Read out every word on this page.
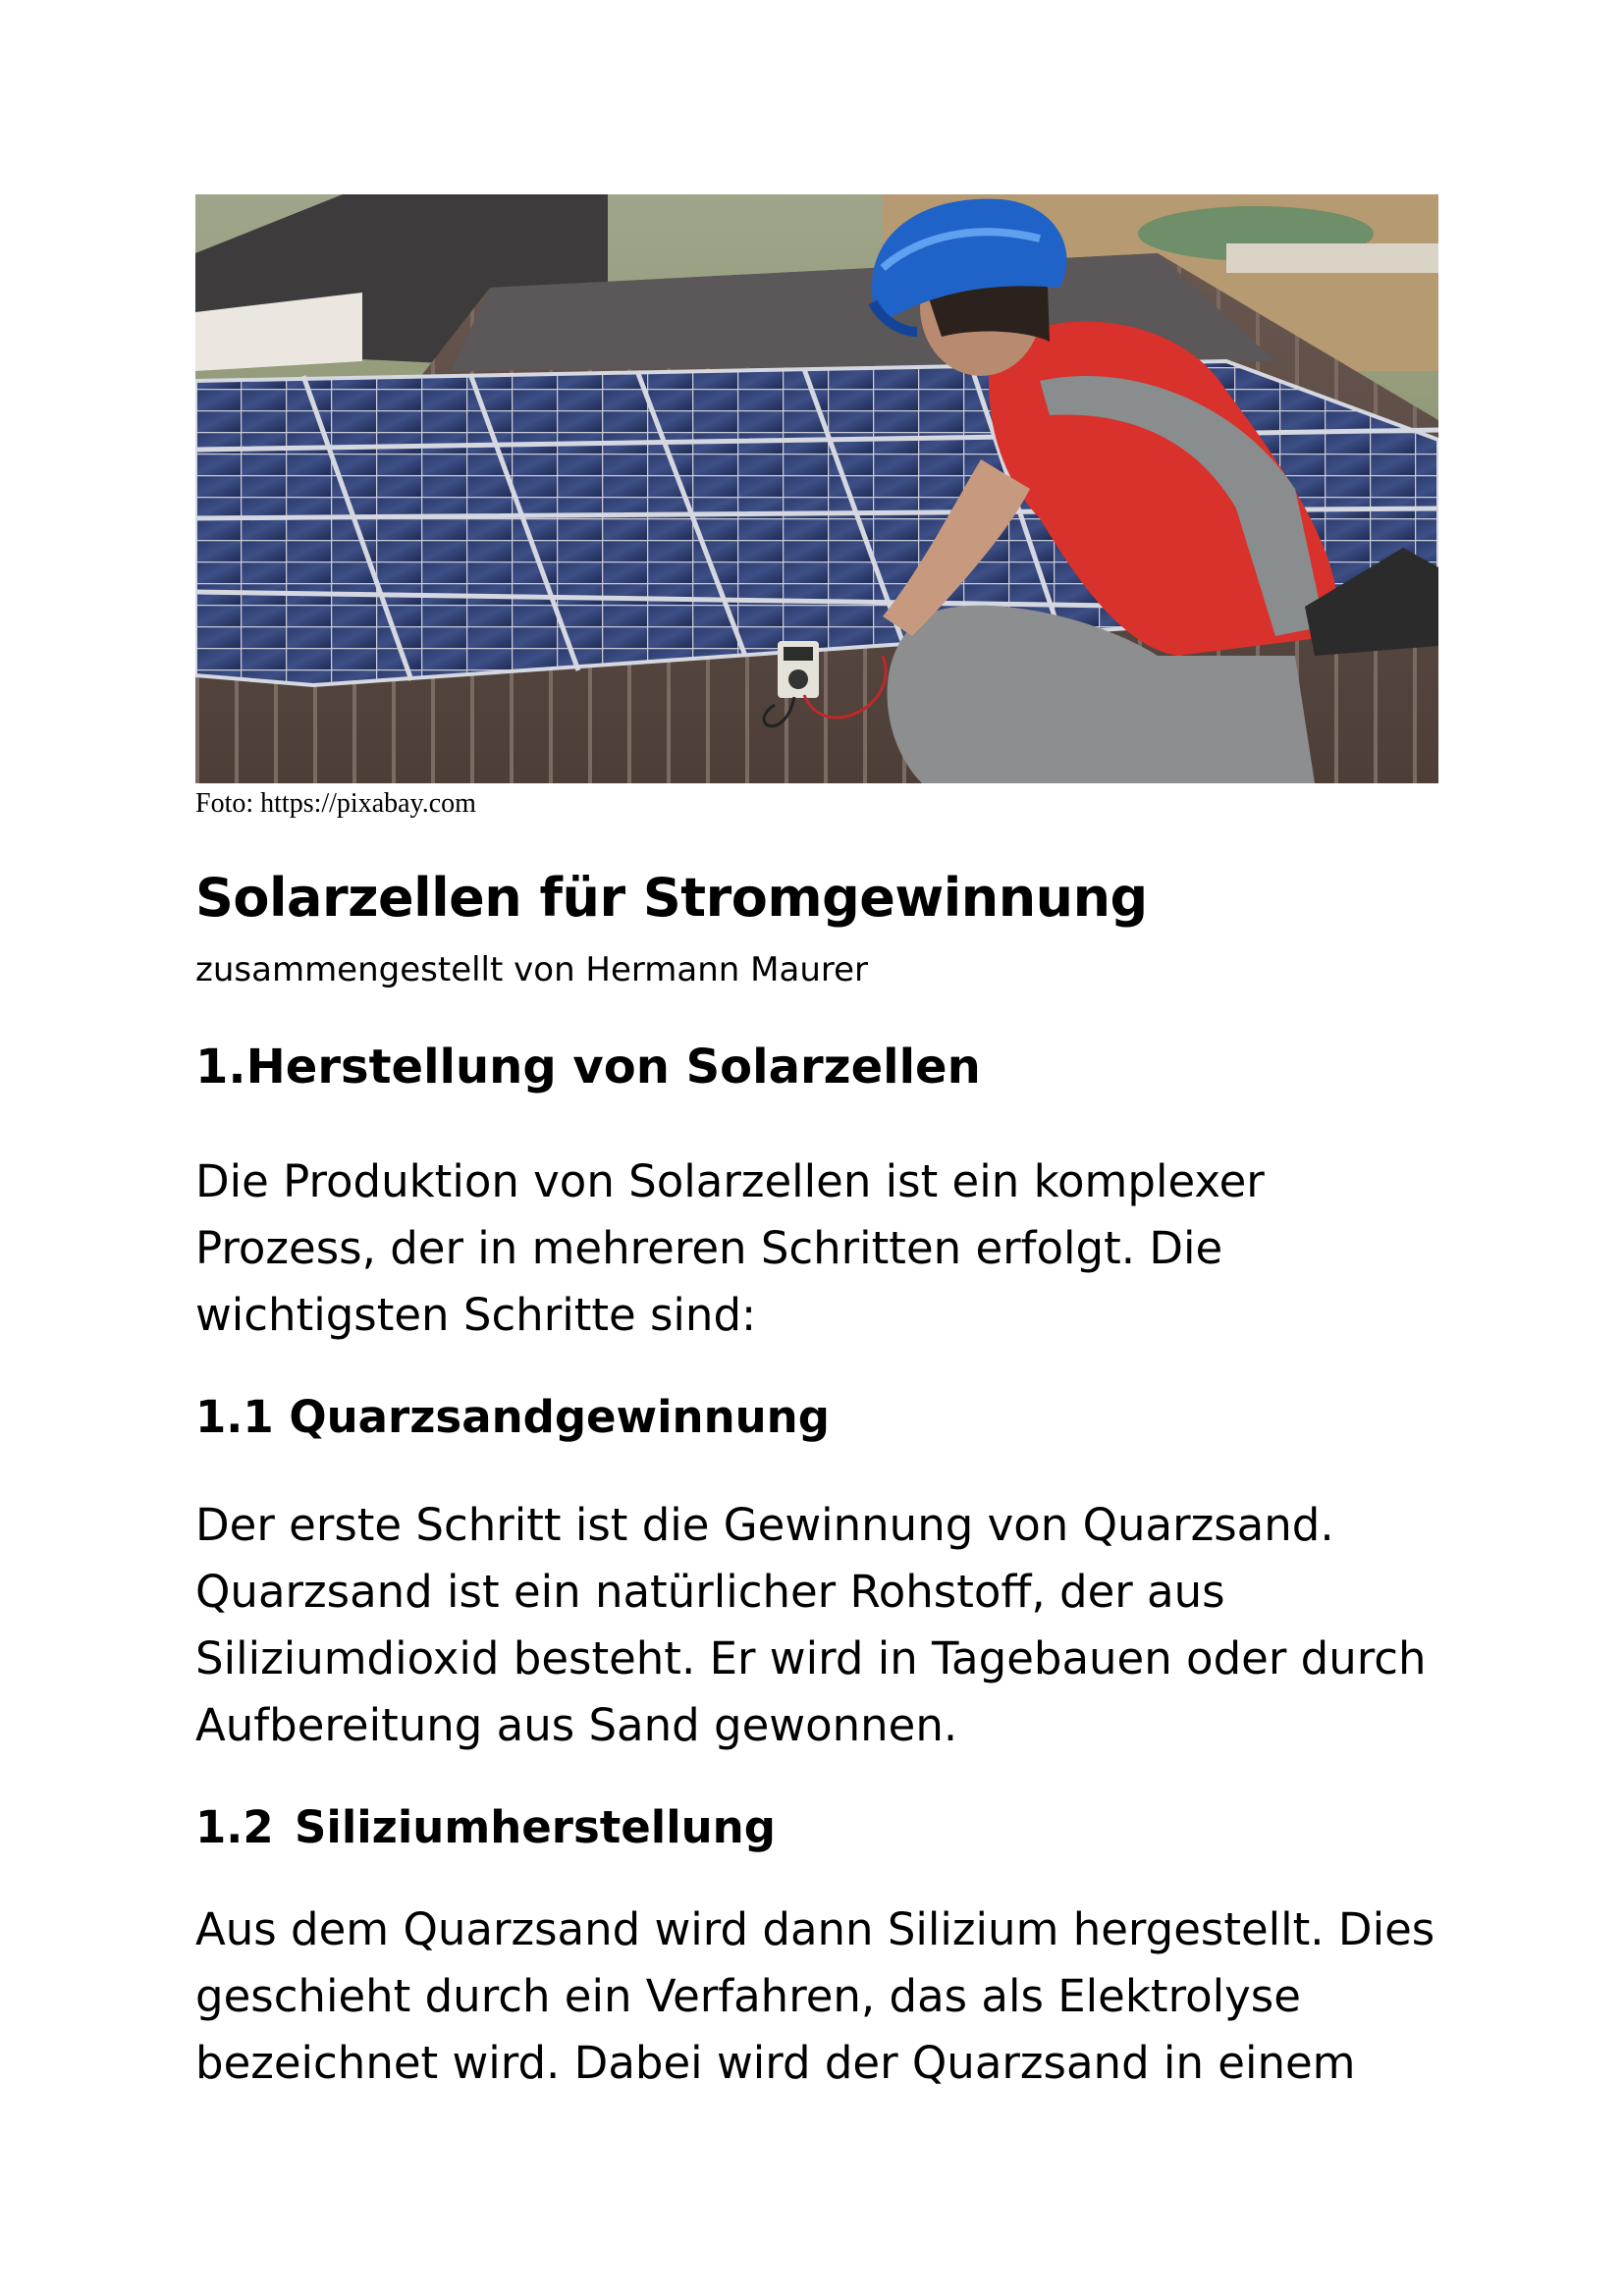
Foto: https://pixabay.com
Solarzellen für Stromgewinnung
zusammengestellt von Hermann Maurer
1.Herstellung von Solarzellen

Die Produktion von Solarzellen ist ein komplexer
Prozess, der in mehreren Schritten erfolgt. Die
wichtigsten Schritte sind:

1.1 Quarzsandgewinnung

Der erste Schritt ist die Gewinnung von Quarzsand.
Quarzsand ist ein natürlicher Rohstoff, der aus
Siliziumdioxid besteht. Er wird in Tagebauen oder durch
Aufbereitung aus Sand gewonnen.

1.2 Siliziumherstellung

Aus dem Quarzsand wird dann Silizium hergestellt. Dies
geschieht durch ein Verfahren, das als Elektrolyse
bezeichnet wird. Dabei wird der Quarzsand in einem
